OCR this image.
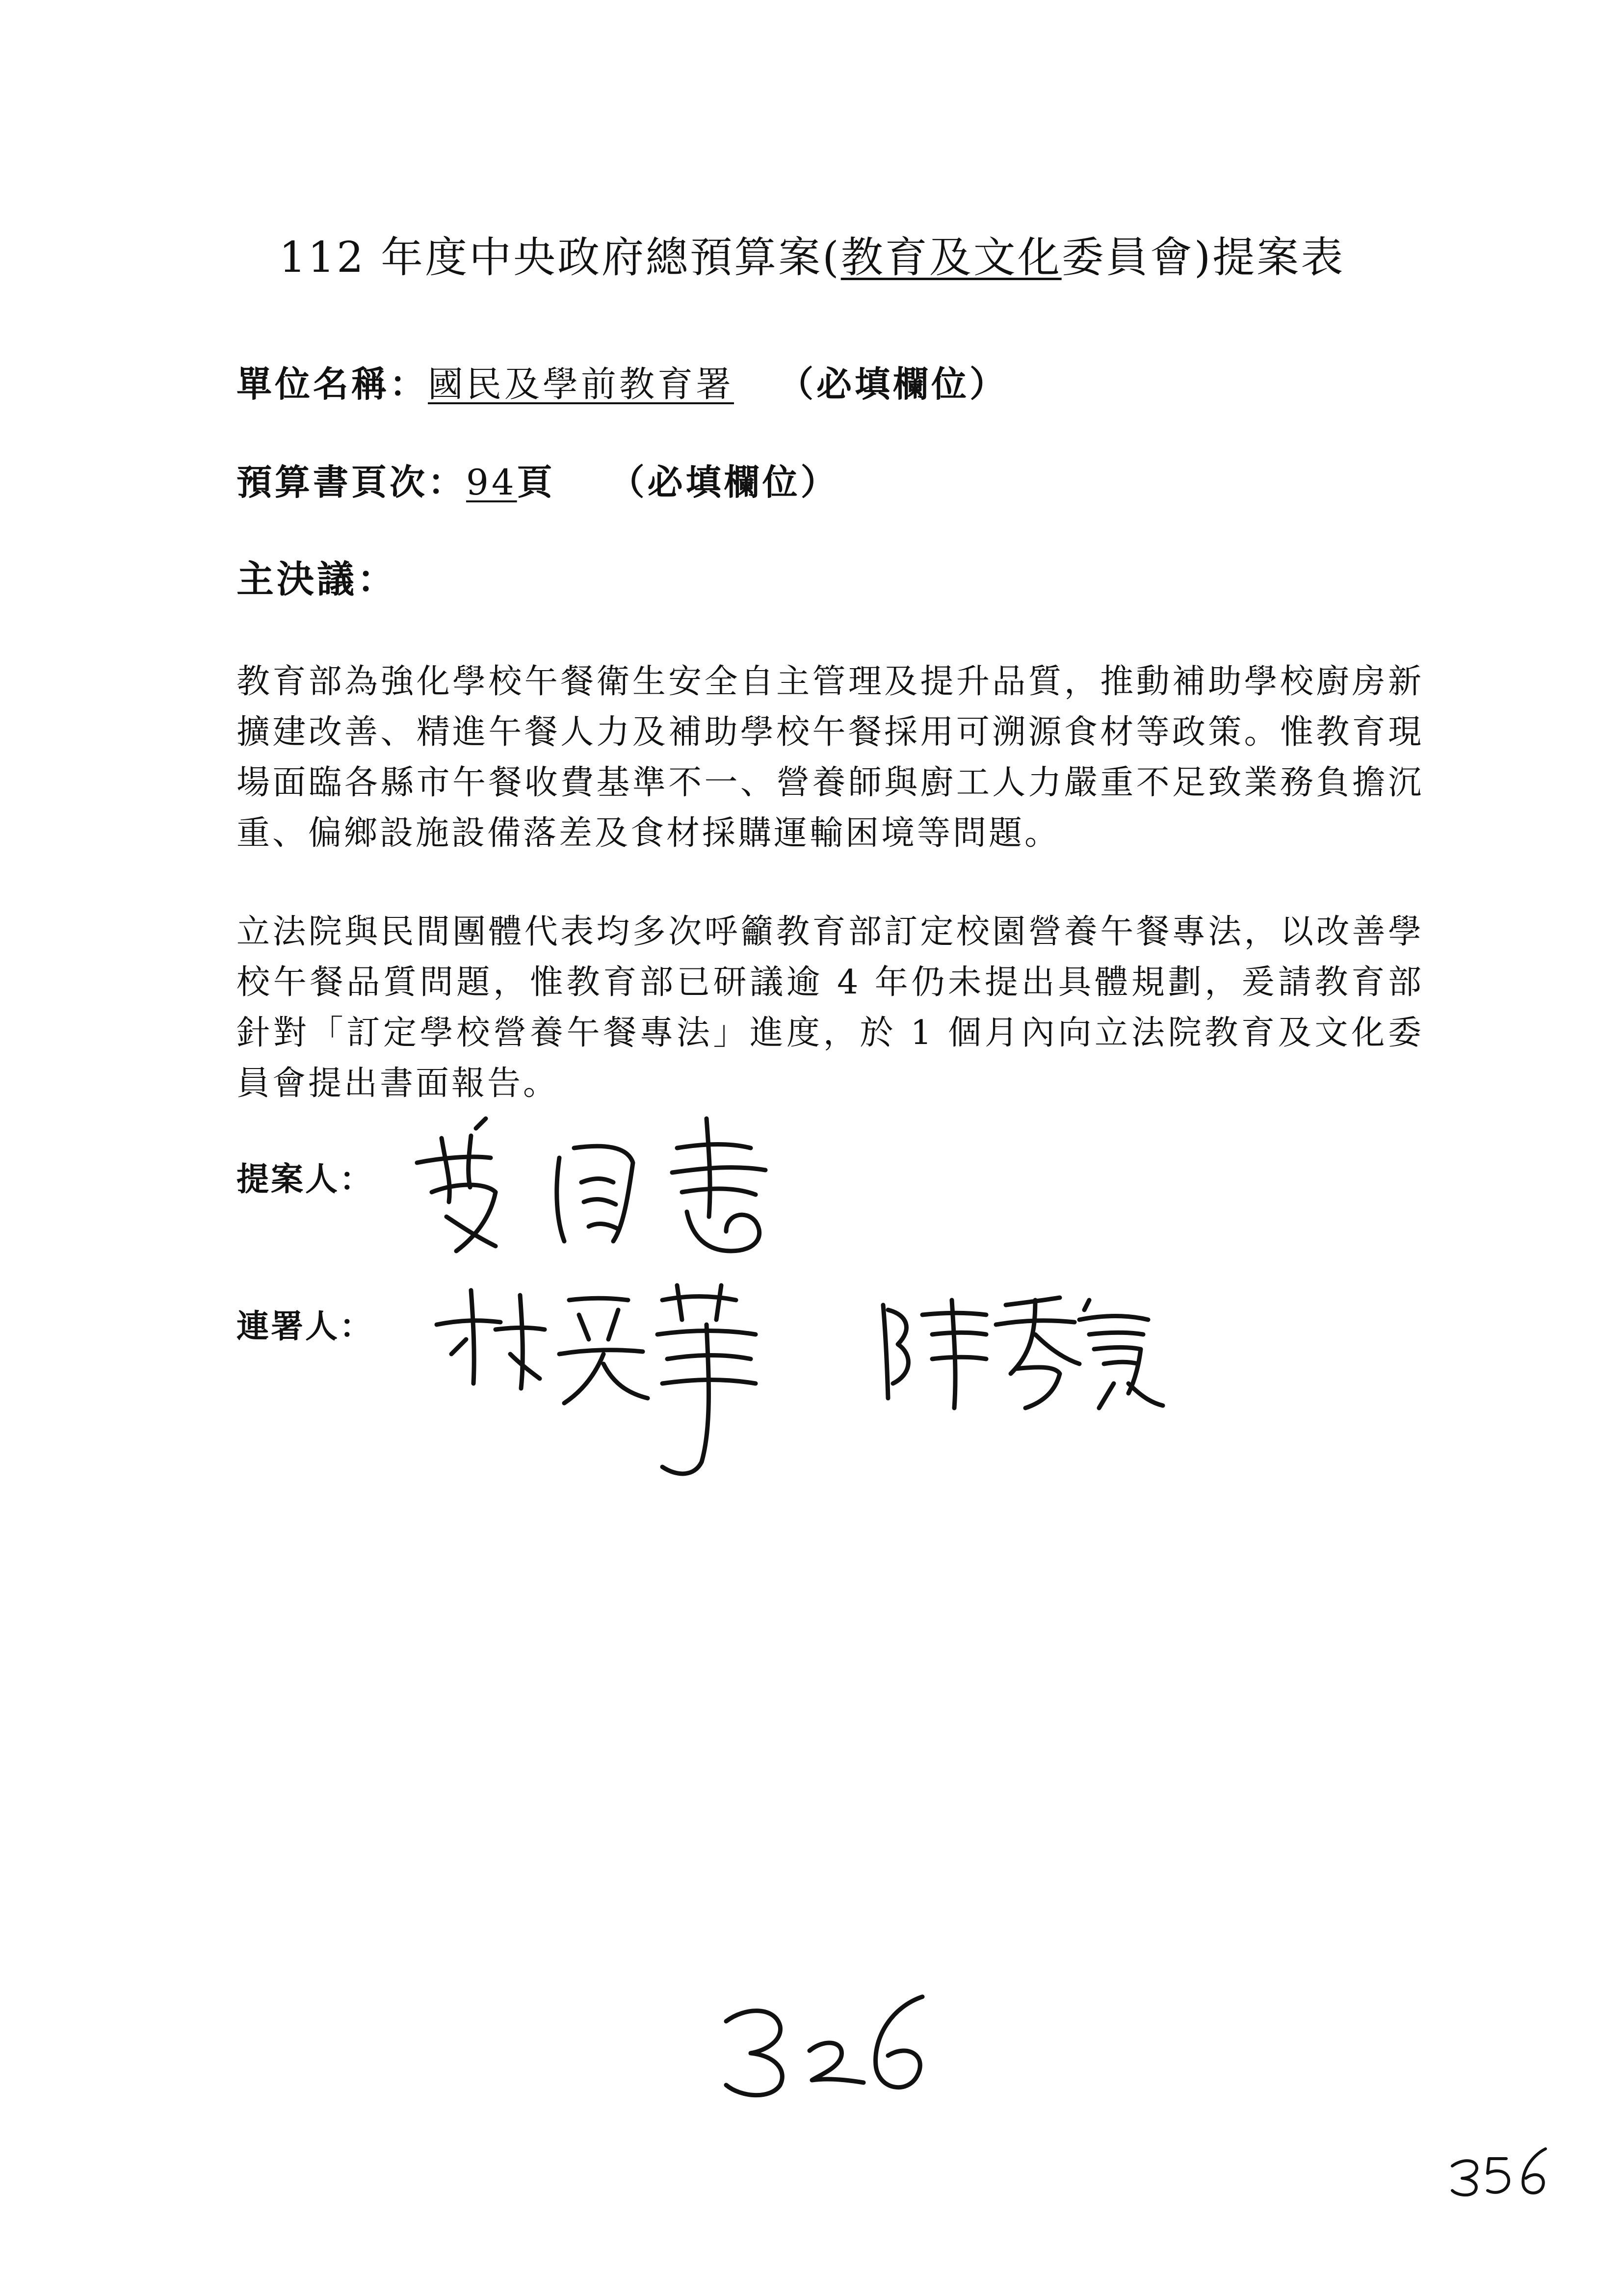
112 年度中央政府總預算案(教育及文化委員會)提案表
單位名稱：國民及學前教育署 （必填欄位）
預算書頁次：94頁 （必填欄位）
主決議：
教育部為強化學校午餐衛生安全自主管理及提升品質，推動補助學校廚房新擴建改善、精進午餐人力及補助學校午餐採用可溯源食材等政策。惟教育現場面臨各縣市午餐收費基準不一、營養師與廚工人力嚴重不足致業務負擔沉重、偏鄉設施設備落差及食材採購運輸困境等問題。
立法院與民間團體代表均多次呼籲教育部訂定校園營養午餐專法，以改善學校午餐品質問題，惟教育部已研議逾 4 年仍未提出具體規劃，爰請教育部針對「訂定學校營養午餐專法」進度，於 1 個月內向立法院教育及文化委員會提出書面報告。
提案人：
連署人：
